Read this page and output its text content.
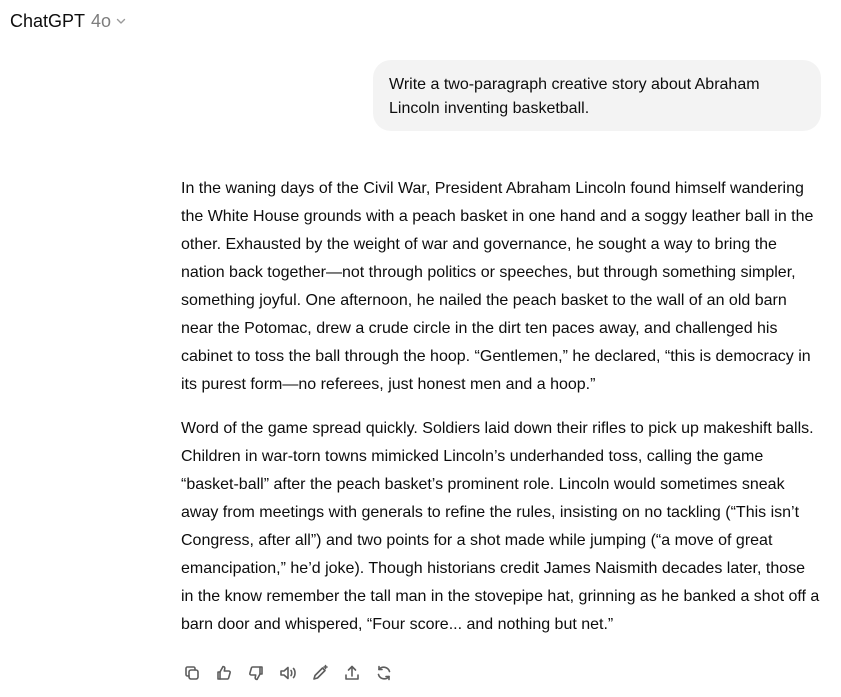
ChatGPT 4o
Write a two-paragraph creative story about Abraham Lincoln inventing basketball.

In the waning days of the Civil War, President Abraham Lincoln found himself wandering the White House grounds with a peach basket in one hand and a soggy leather ball in the other. Exhausted by the weight of war and governance, he sought a way to bring the nation back together—not through politics or speeches, but through something simpler, something joyful. One afternoon, he nailed the peach basket to the wall of an old barn near the Potomac, drew a crude circle in the dirt ten paces away, and challenged his cabinet to toss the ball through the hoop. “Gentlemen,” he declared, “this is democracy in its purest form—no referees, just honest men and a hoop.”

Word of the game spread quickly. Soldiers laid down their rifles to pick up makeshift balls. Children in war-torn towns mimicked Lincoln’s underhanded toss, calling the game “basket-ball” after the peach basket’s prominent role. Lincoln would sometimes sneak away from meetings with generals to refine the rules, insisting on no tackling (“This isn’t Congress, after all”) and two points for a shot made while jumping (“a move of great emancipation,” he’d joke). Though historians credit James Naismith decades later, those in the know remember the tall man in the stovepipe hat, grinning as he banked a shot off a barn door and whispered, “Four score... and nothing but net.”
